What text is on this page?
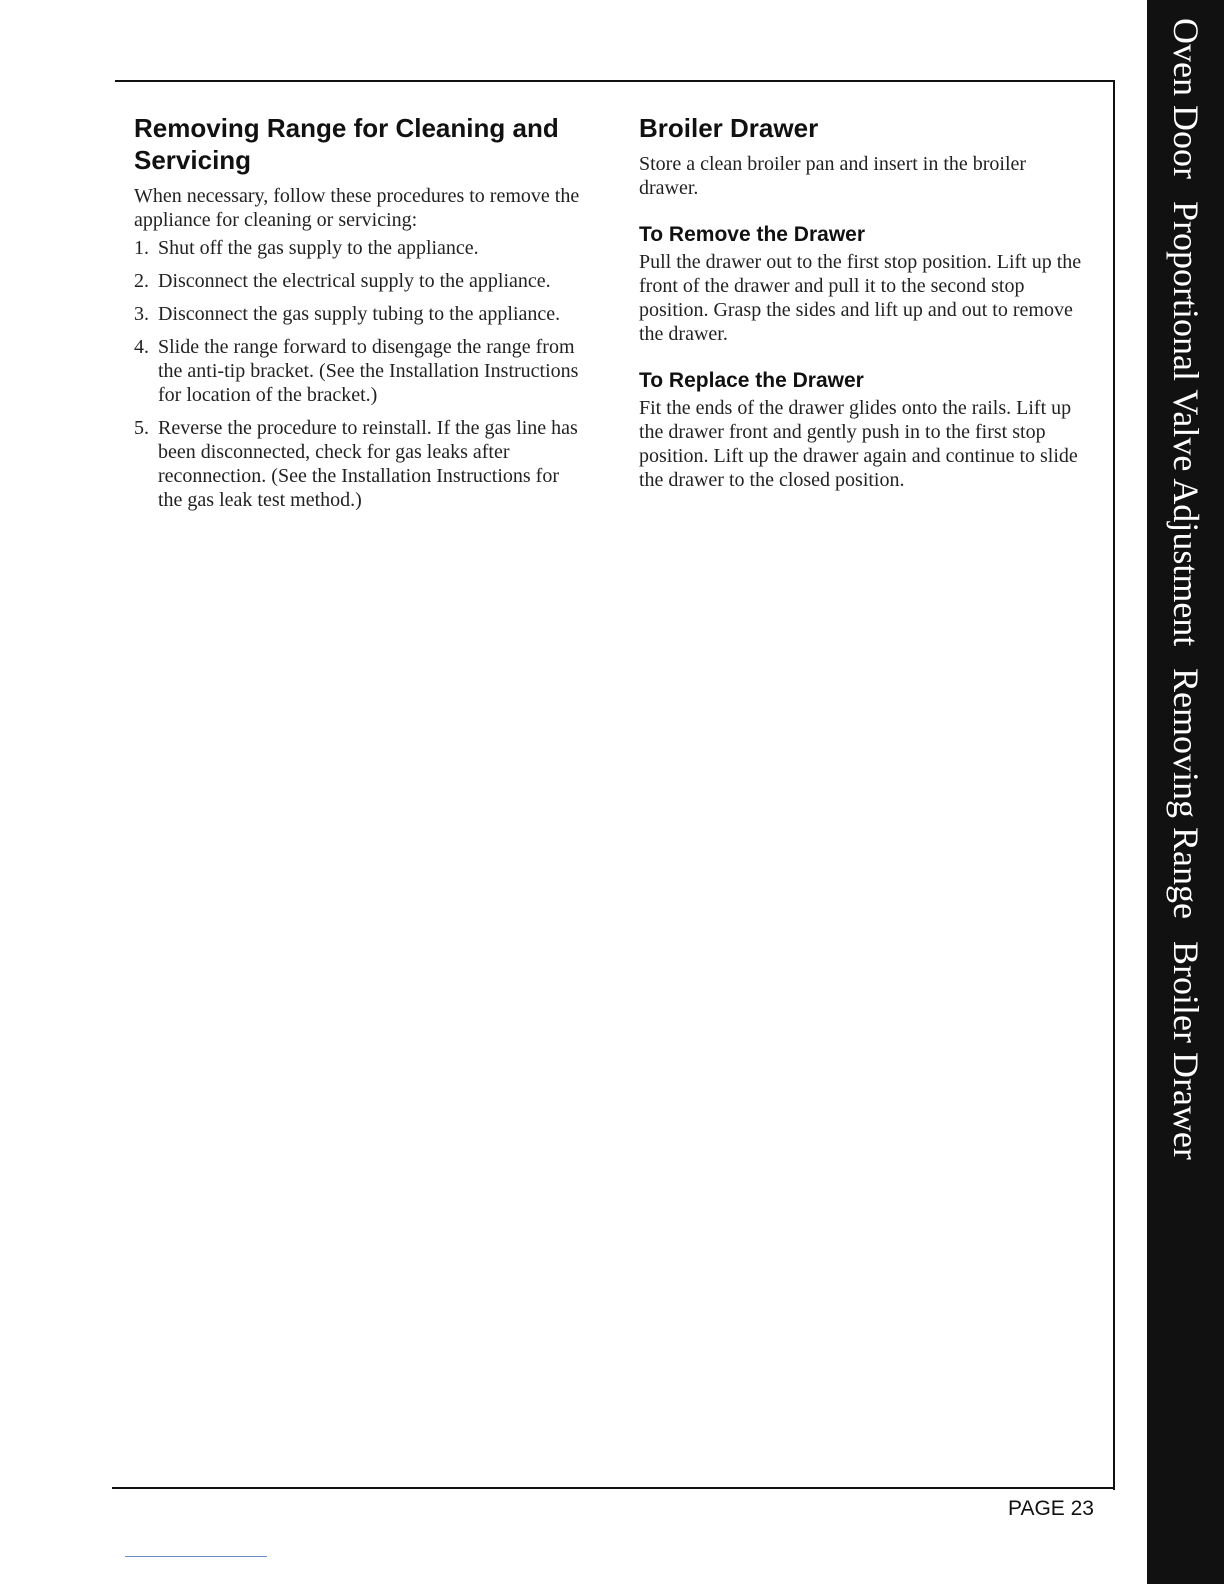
Oven Door
Proportional Valve Adjustment
Removing Range
Broiler Drawer
Removing Range for Cleaning and Servicing

When necessary, follow these procedures to remove the appliance for cleaning or servicing:

1. Shut off the gas supply to the appliance.
2. Disconnect the electrical supply to the appliance.
3. Disconnect the gas supply tubing to the appliance.
4. Slide the range forward to disengage the range from the anti-tip bracket. (See the Installation Instructions for location of the bracket.)
5. Reverse the procedure to reinstall. If the gas line has been disconnected, check for gas leaks after reconnection. (See the Installation Instructions for the gas leak test method.)
Broiler Drawer

Store a clean broiler pan and insert in the broiler drawer.

To Remove the Drawer

Pull the drawer out to the first stop position. Lift up the front of the drawer and pull it to the second stop position. Grasp the sides and lift up and out to remove the drawer.

To Replace the Drawer

Fit the ends of the drawer glides onto the rails. Lift up the drawer front and gently push in to the first stop position. Lift up the drawer again and continue to slide the drawer to the closed position.

PAGE 23
